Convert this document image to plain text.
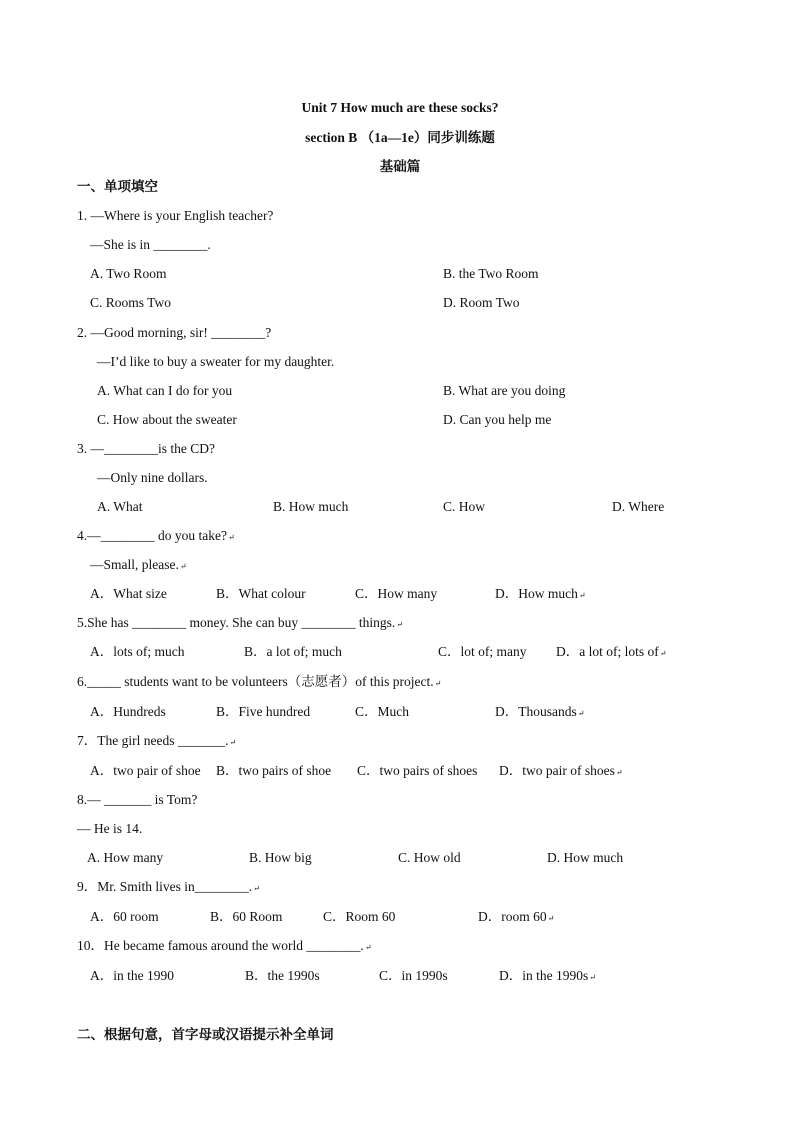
Unit 7 How much are these socks?
section B （1a—1e）同步训练题
基础篇
一、单项填空
1. —Where is your English teacher?
—She is in ________.
A. Two Room	B. the Two Room
C. Rooms Two	D. Room Two
2. —Good morning, sir! ________?
—I’d like to buy a sweater for my daughter.
A. What can I do for you	B. What are you doing
C. How about the sweater	D. Can you help me
3. —________is the CD?
—Only nine dollars.
A. What	B. How much	C. How	D. Where
4.—________ do you take?↵
—Small, please.↵
A．What size	B．What colour	C．How many	D．How much↵
5.She has ________ money. She can buy ________ things.↵
A．lots of; much	B．a lot of; much	C．lot of; many D．a lot of; lots of↵
6._____ students want to be volunteers（志愿者）of this project.↵
A．Hundreds	B．Five hundred	C．Much	D．Thousands↵
7．The girl needs _______.↵
A．two pair of shoe B．two pairs of shoe C．two pairs of shoes D．two pair of shoes↵
8.— _______ is Tom?
— He is 14.
A. How many	B. How big	C. How old	D. How much
9．Mr. Smith lives in________.↵
A．60 room	B．60 Room	C．Room 60	D．room 60↵
10．He became famous around the world ________.↵
A．in the 1990	B．the 1990s	C．in 1990s	D．in the 1990s↵
二、根据句意，首字母或汉语提示补全单词
